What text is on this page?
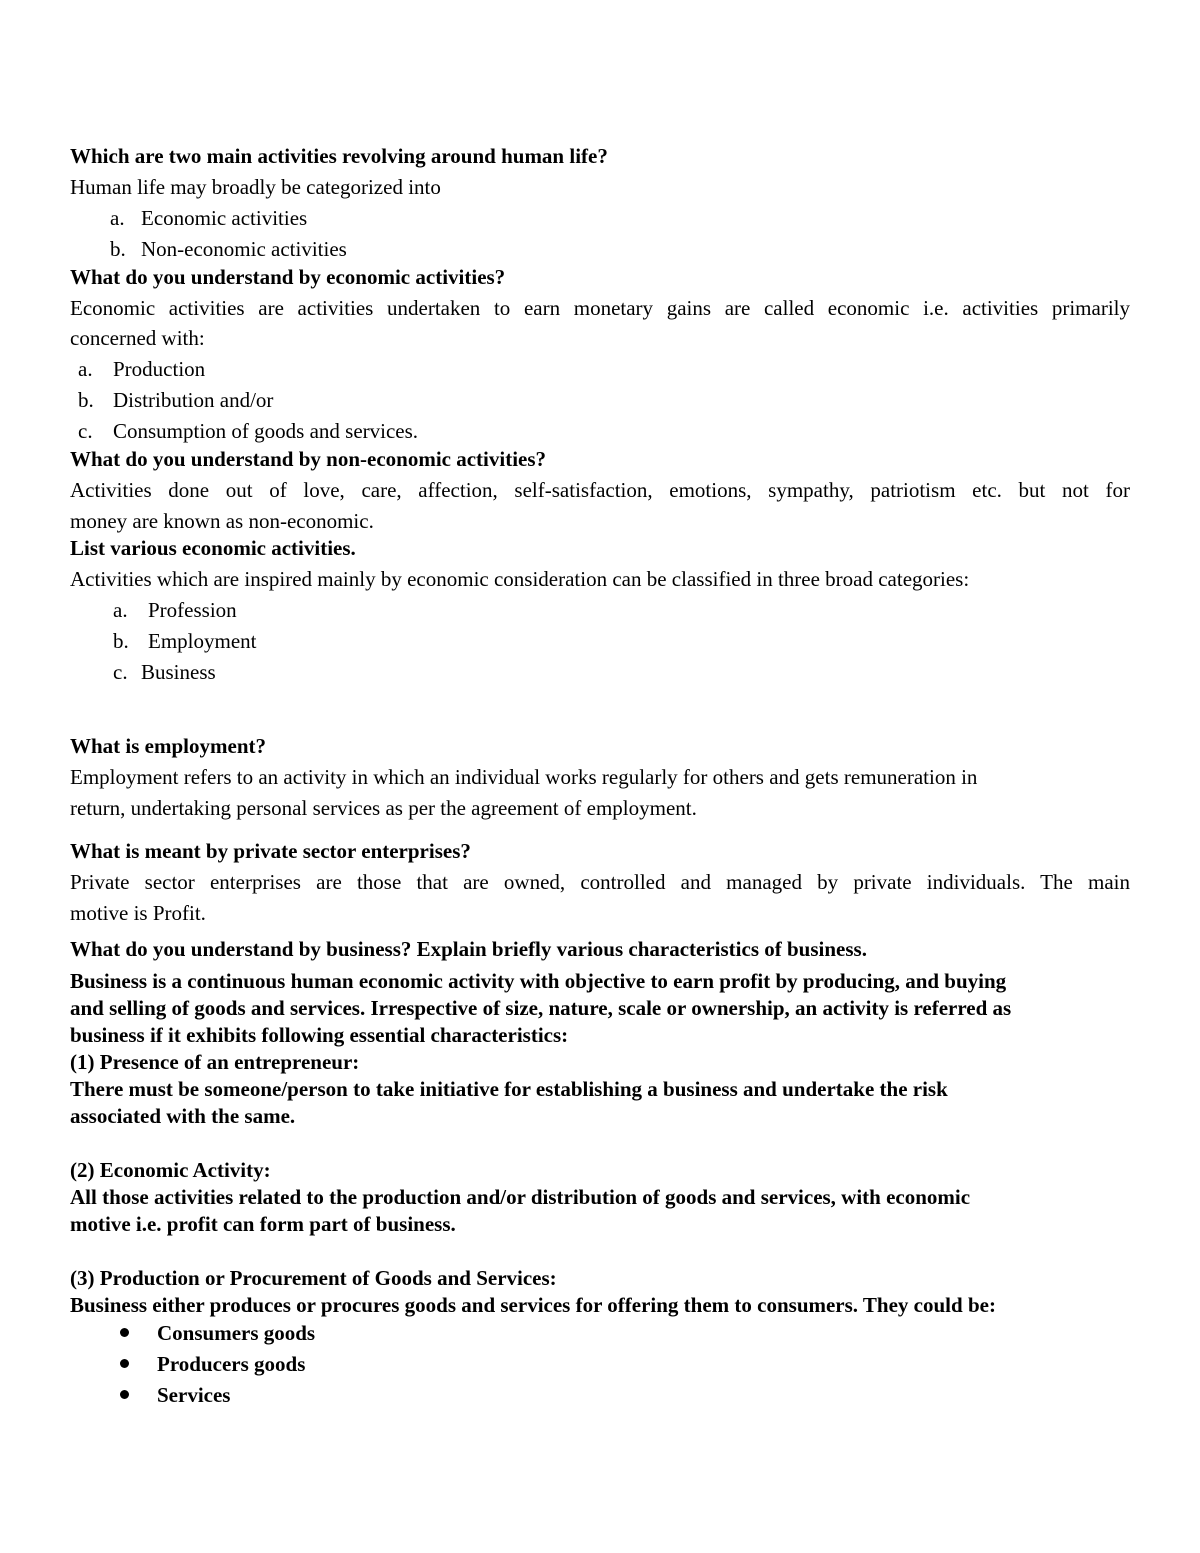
Which are two main activities revolving around human life?
Human life may broadly be categorized into
a. Economic activities
b. Non-economic activities
What do you understand by economic activities?
Economic activities are activities undertaken to earn monetary gains are called economic i.e. activities primarily
concerned with:
a. Production
b. Distribution and/or
c. Consumption of goods and services.
What do you understand by non-economic activities?
Activities done out of love, care, affection, self-satisfaction, emotions, sympathy, patriotism etc. but not for
money are known as non-economic.
List various economic activities.
Activities which are inspired mainly by economic consideration can be classified in three broad categories:
a. Profession
b. Employment
c. Business
What is employment?
Employment refers to an activity in which an individual works regularly for others and gets remuneration in
return, undertaking personal services as per the agreement of employment.
What is meant by private sector enterprises?
Private sector enterprises are those that are owned, controlled and managed by private individuals. The main
motive is Profit.
What do you understand by business? Explain briefly various characteristics of business.
Business is a continuous human economic activity with objective to earn profit by producing, and buying
and selling of goods and services. Irrespective of size, nature, scale or ownership, an activity is referred as
business if it exhibits following essential characteristics:
(1) Presence of an entrepreneur:
There must be someone/person to take initiative for establishing a business and undertake the risk
associated with the same.
(2) Economic Activity:
All those activities related to the production and/or distribution of goods and services, with economic
motive i.e. profit can form part of business.
(3) Production or Procurement of Goods and Services:
Business either produces or procures goods and services for offering them to consumers. They could be:
Consumers goods
Producers goods
Services
